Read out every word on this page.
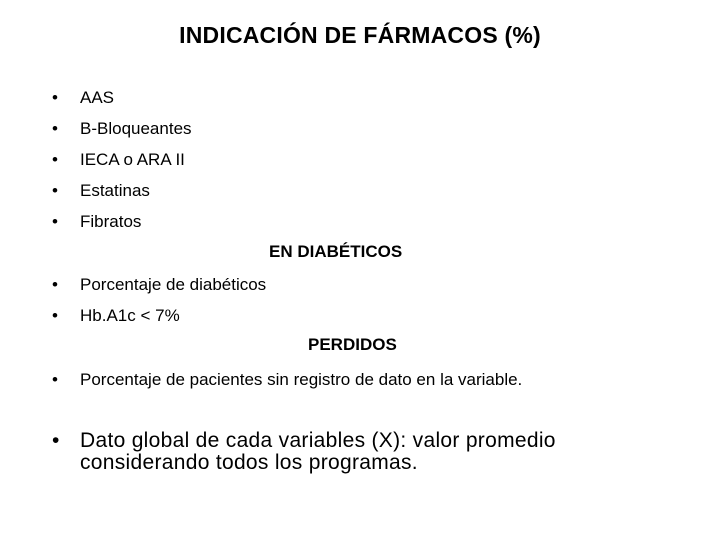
INDICACIÓN DE FÁRMACOS (%)
• AAS
• B-Bloqueantes
• IECA o ARA II
• Estatinas
• Fibratos
EN DIABÉTICOS
• Porcentaje de diabéticos
• Hb.A1c < 7%
PERDIDOS
• Porcentaje de pacientes sin registro de dato en la variable.
• Dato global de cada variables (X): valor promedio considerando todos los programas.
